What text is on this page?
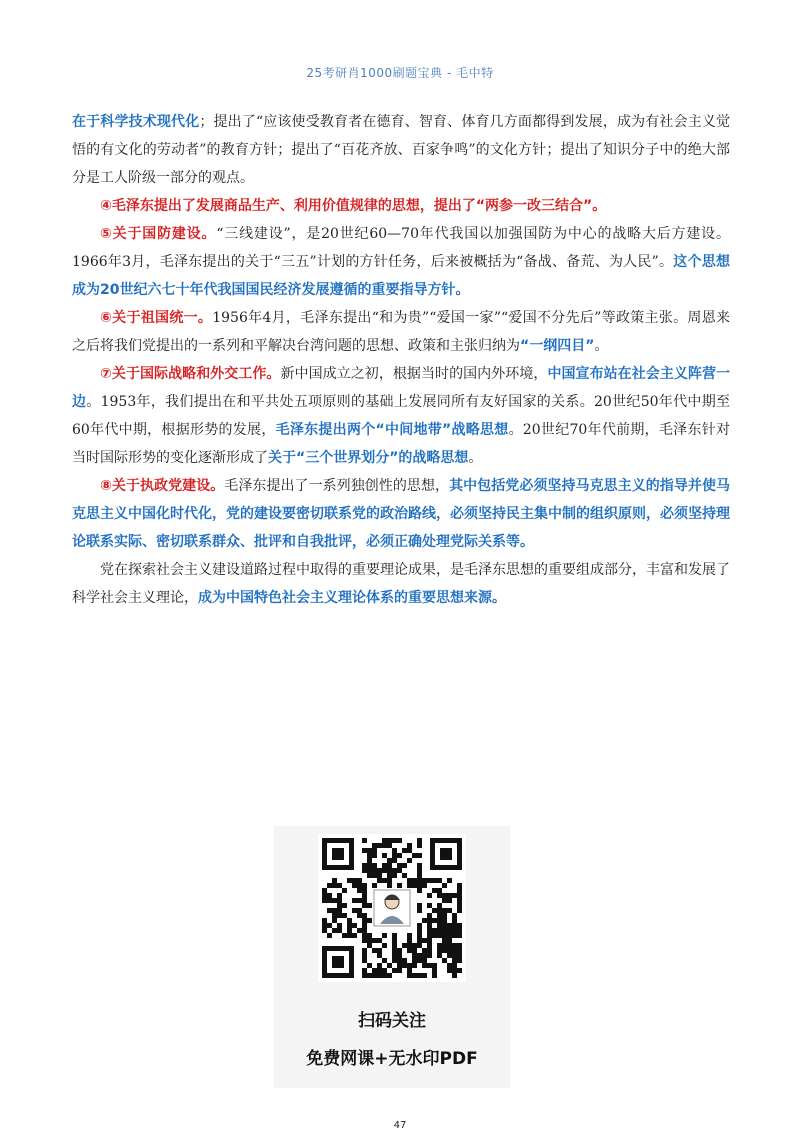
25考研肖1000刷题宝典 - 毛中特

在于科学技术现代化；提出了“应该使受教育者在德育、智育、体育几方面都得到发展，成为有社会主义觉悟的有文化的劳动者”的教育方针；提出了“百花齐放、百家争鸣”的文化方针；提出了知识分子中的绝大部分是工人阶级一部分的观点。

④毛泽东提出了发展商品生产、利用价值规律的思想，提出了“两参一改三结合”。

⑤关于国防建设。“三线建设”，是20世纪60—70年代我国以加强国防为中心的战略大后方建设。1966年3月，毛泽东提出的关于“三五”计划的方针任务，后来被概括为“备战、备荒、为人民”。这个思想成为20世纪六七十年代我国国民经济发展遵循的重要指导方针。

⑥关于祖国统一。1956年4月，毛泽东提出“和为贵”“爱国一家”“爱国不分先后”等政策主张。周恩来之后将我们党提出的一系列和平解决台湾问题的思想、政策和主张归纳为“一纲四目”。

⑦关于国际战略和外交工作。新中国成立之初，根据当时的国内外环境，中国宣布站在社会主义阵营一边。1953年，我们提出在和平共处五项原则的基础上发展同所有友好国家的关系。20世纪50年代中期至60年代中期，根据形势的发展，毛泽东提出两个“中间地带”战略思想。20世纪70年代前期，毛泽东针对当时国际形势的变化逐渐形成了关于“三个世界划分”的战略思想。

⑧关于执政党建设。毛泽东提出了一系列独创性的思想，其中包括党必须坚持马克思主义的指导并使马克思主义中国化时代化，党的建设要密切联系党的政治路线，必须坚持民主集中制的组织原则，必须坚持理论联系实际、密切联系群众、批评和自我批评，必须正确处理党际关系等。

党在探索社会主义建设道路过程中取得的重要理论成果，是毛泽东思想的重要组成部分，丰富和发展了科学社会主义理论，成为中国特色社会主义理论体系的重要思想来源。

扫码关注
免费网课+无水印PDF
47
